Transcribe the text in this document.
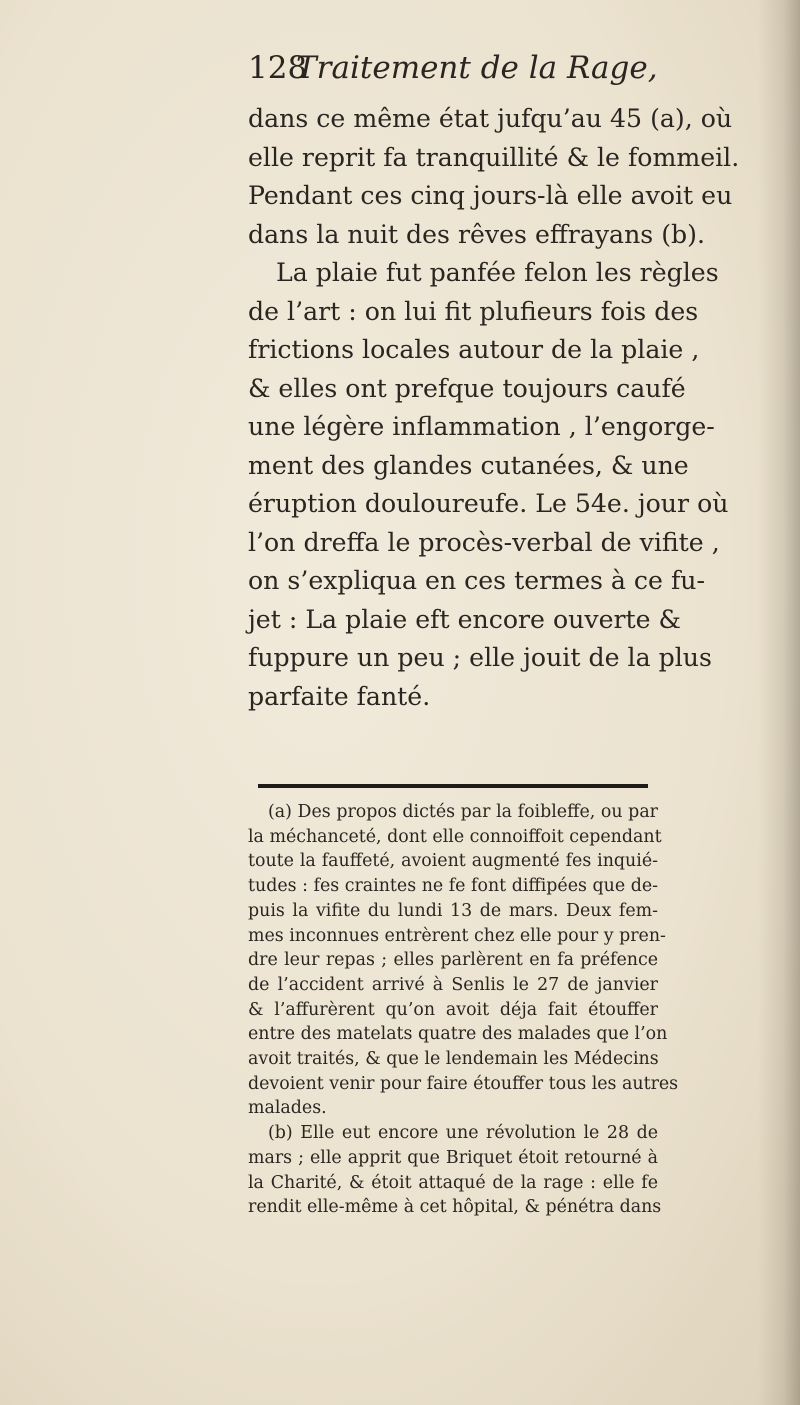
128
Traitement de la Rage,
dans ce même état jufqu’au 45 (a), où
elle reprit fa tranquillité & le fommeil.
Pendant ces cinq jours-là elle avoit eu
dans la nuit des rêves effrayans (b).
La plaie fut panfée felon les règles
de l’art : on lui fit plufieurs fois des
frictions locales autour de la plaie ,
& elles ont prefque toujours caufé
une légère inflammation , l’engorge-
ment des glandes cutanées, & une
éruption douloureufe. Le 54e. jour où
l’on dreffa le procès-verbal de vifite ,
on s’expliqua en ces termes à ce fu-
jet : La plaie eft encore ouverte &
fuppure un peu ; elle jouit de la plus
parfaite fanté.
(a) Des propos dictés par la foibleffe, ou par
la méchanceté, dont elle connoiffoit cependant
toute la fauffeté, avoient augmenté fes inquié-
tudes : fes craintes ne fe font diffipées que de-
puis la vifite du lundi 13 de mars. Deux fem-
mes inconnues entrèrent chez elle pour y pren-
dre leur repas ; elles parlèrent en fa préfence
de l’accident arrivé à Senlis le 27 de janvier
& l’affurèrent qu’on avoit déja fait étouffer
entre des matelats quatre des malades que l’on
avoit traités, & que le lendemain les Médecins
devoient venir pour faire étouffer tous les autres
malades.
(b) Elle eut encore une révolution le 28 de
mars ; elle apprit que Briquet étoit retourné à
la Charité, & étoit attaqué de la rage : elle fe
rendit elle-même à cet hôpital, & pénétra dans
